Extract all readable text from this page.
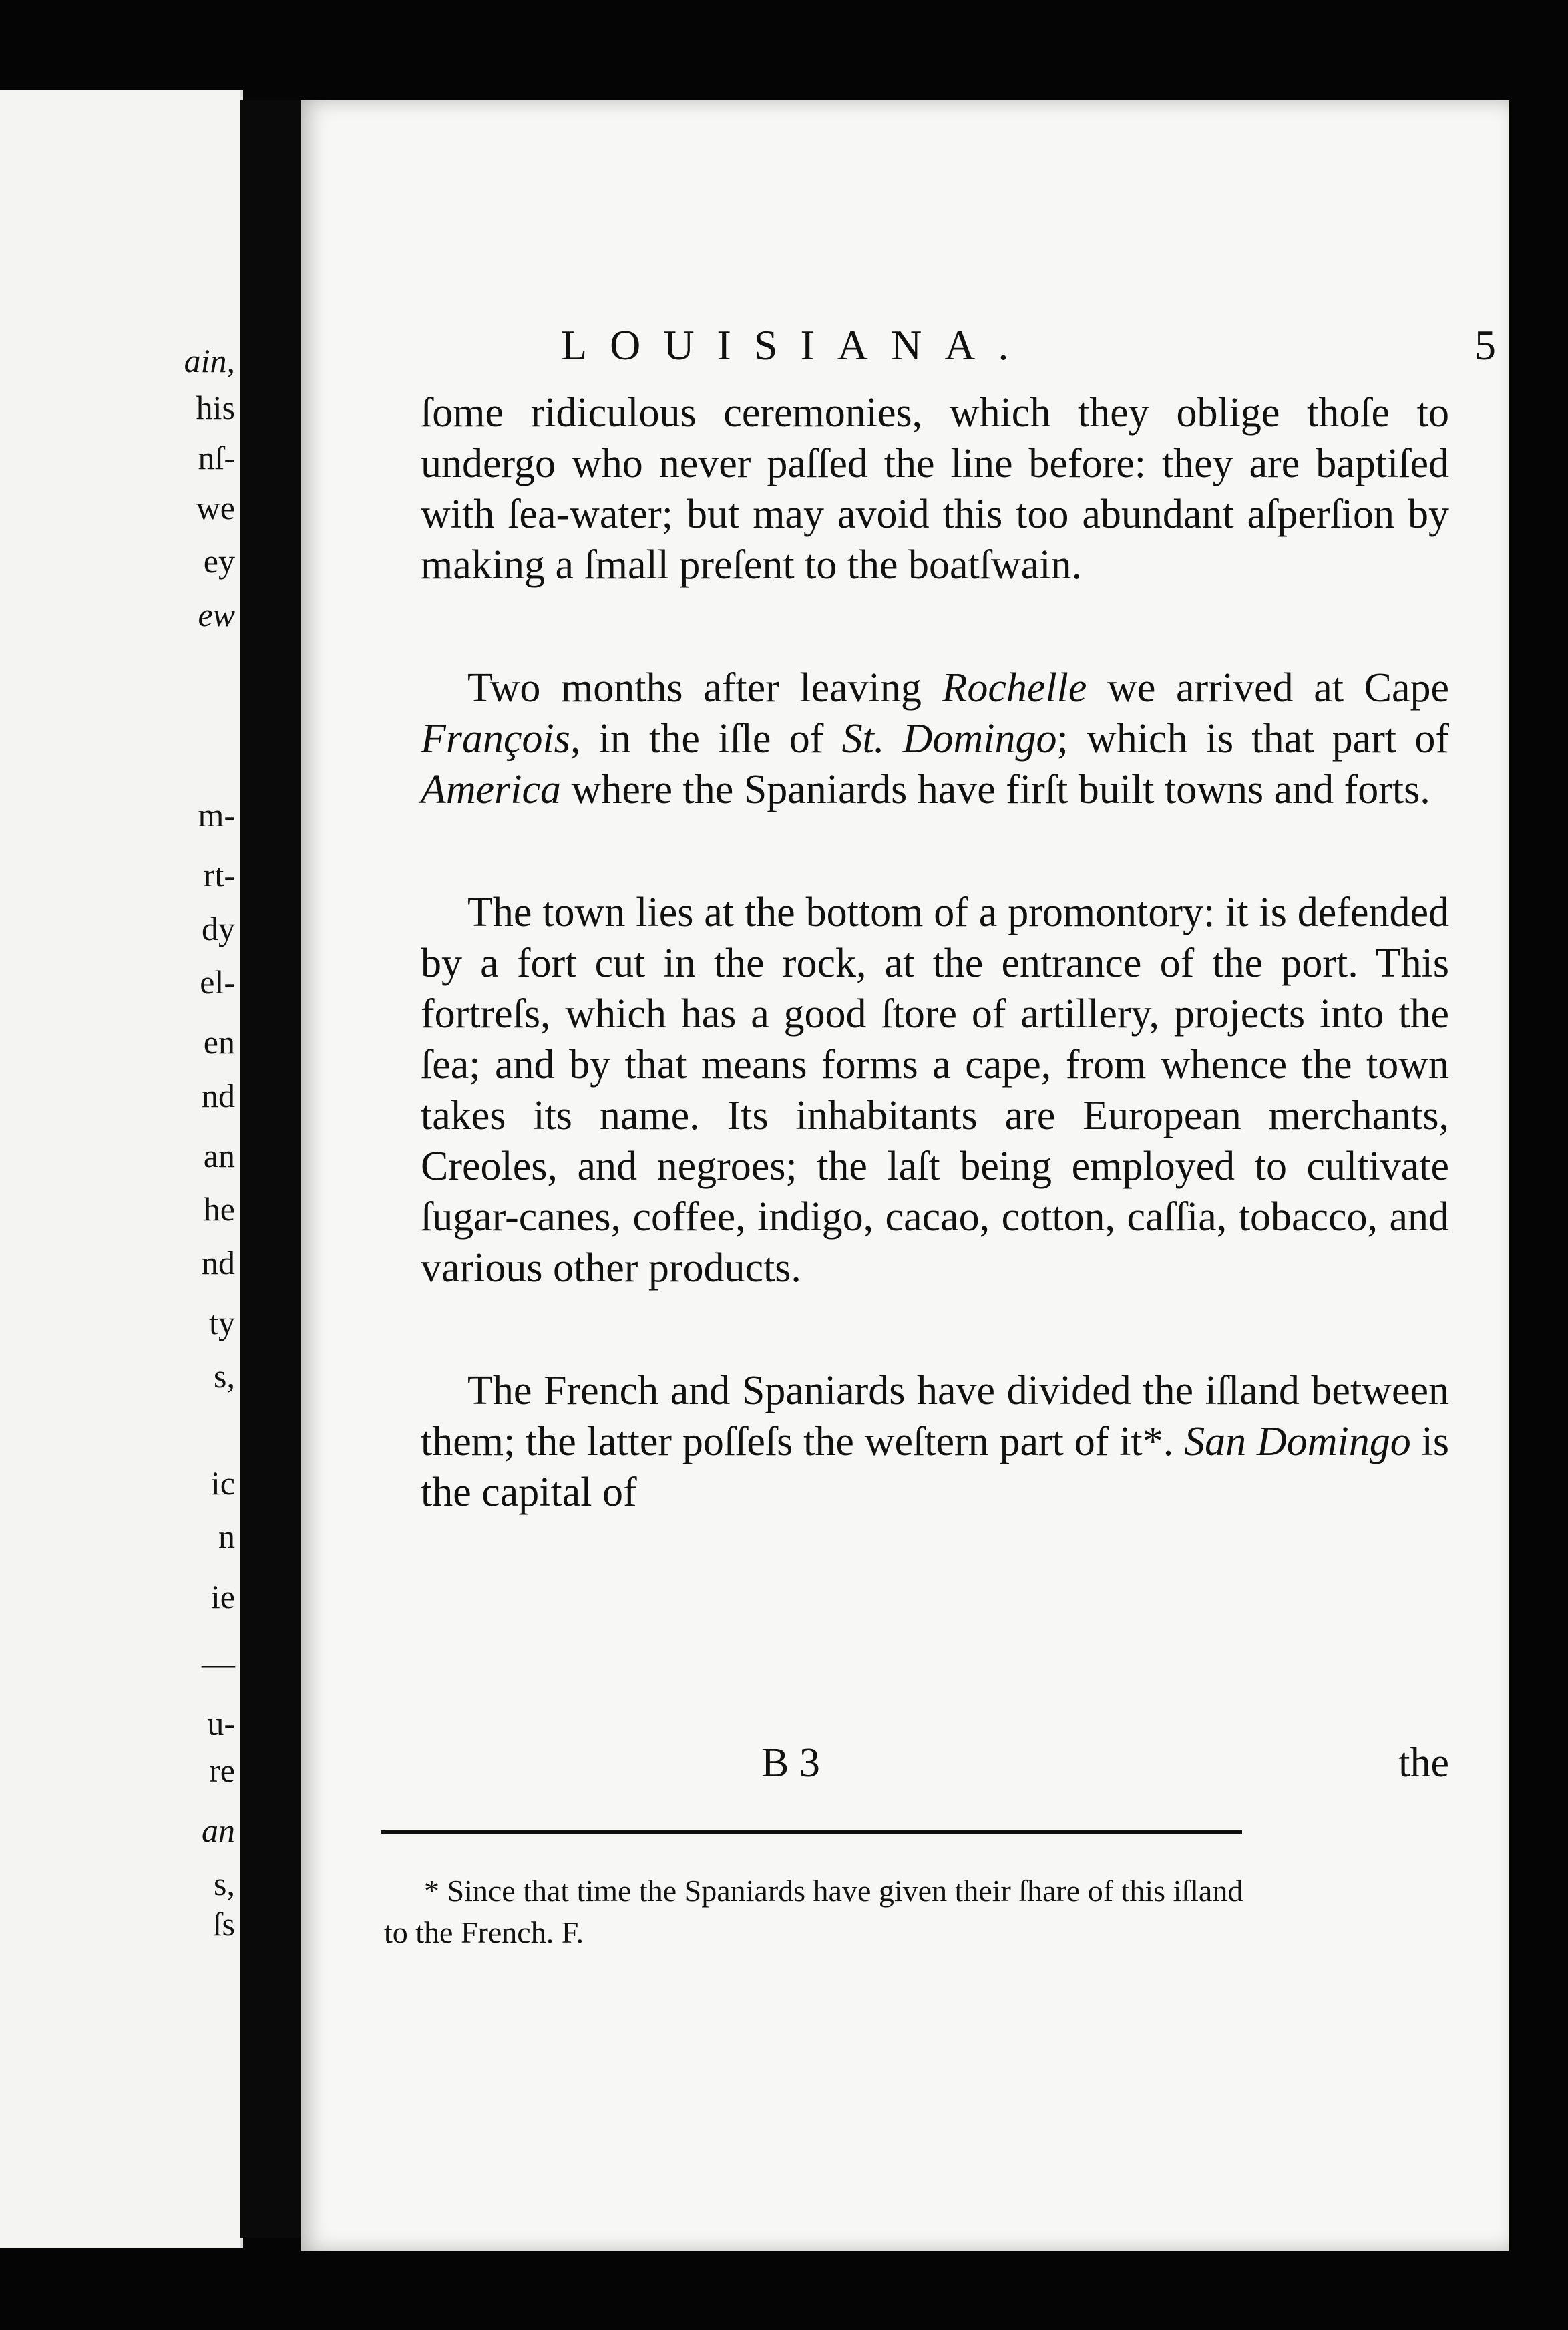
ain,
his
nſ-
we
ey
ew
m-
rt-
dy
el-
en
nd
an
he
nd
ty
s,
ic
n
ie
—
u-
re
an
s,
ſs
LOUISIANA.	5

ſome ridiculous ceremonies, which they oblige thoſe to undergo who never paſſed the line before: they are baptiſed with ſea-water; but may avoid this too abundant aſperſion by making a ſmall preſent to the boatſwain.

Two months after leaving Rochelle we arrived at Cape François, in the iſle of St. Domingo; which is that part of America where the Spaniards have firſt built towns and forts.

The town lies at the bottom of a promontory: it is defended by a fort cut in the rock, at the entrance of the port. This fortreſs, which has a good ſtore of artillery, projects into the ſea; and by that means forms a cape, from whence the town takes its name. Its inhabitants are European merchants, Creoles, and negroes; the laſt being employed to cultivate ſugar-canes, coffee, indigo, cacao, cotton, caſſia, tobacco, and various other products.

The French and Spaniards have divided the iſland between them; the latter poſſeſs the weſtern part of it*. San Domingo is the capital of

B 3	the

* Since that time the Spaniards have given their ſhare of this iſland to the French. F.
